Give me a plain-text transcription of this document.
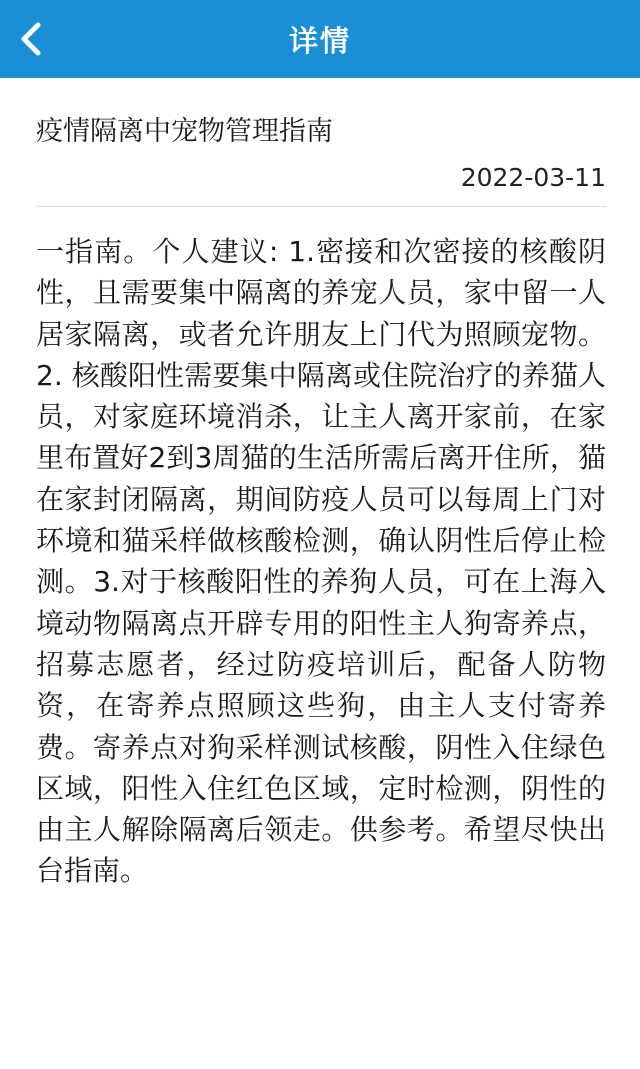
详情
疫情隔离中宠物管理指南
2022-03-11
一指南。个人建议: 1.密接和次密接的核酸阴性，且需要集中隔离的养宠人员，家中留一人居家隔离，或者允许朋友上门代为照顾宠物。2. 核酸阳性需要集中隔离或住院治疗的养猫人员，对家庭环境消杀，让主人离开家前，在家里布置好2到3周猫的生活所需后离开住所，猫在家封闭隔离，期间防疫人员可以每周上门对环境和猫采样做核酸检测，确认阴性后停止检测。3.对于核酸阳性的养狗人员，可在上海入境动物隔离点开辟专用的阳性主人狗寄养点，招募志愿者，经过防疫培训后，配备人防物资，在寄养点照顾这些狗，由主人支付寄养费。寄养点对狗采样测试核酸，阴性入住绿色区域，阳性入住红色区域，定时检测，阴性的由主人解除隔离后领走。供参考。希望尽快出台指南。
